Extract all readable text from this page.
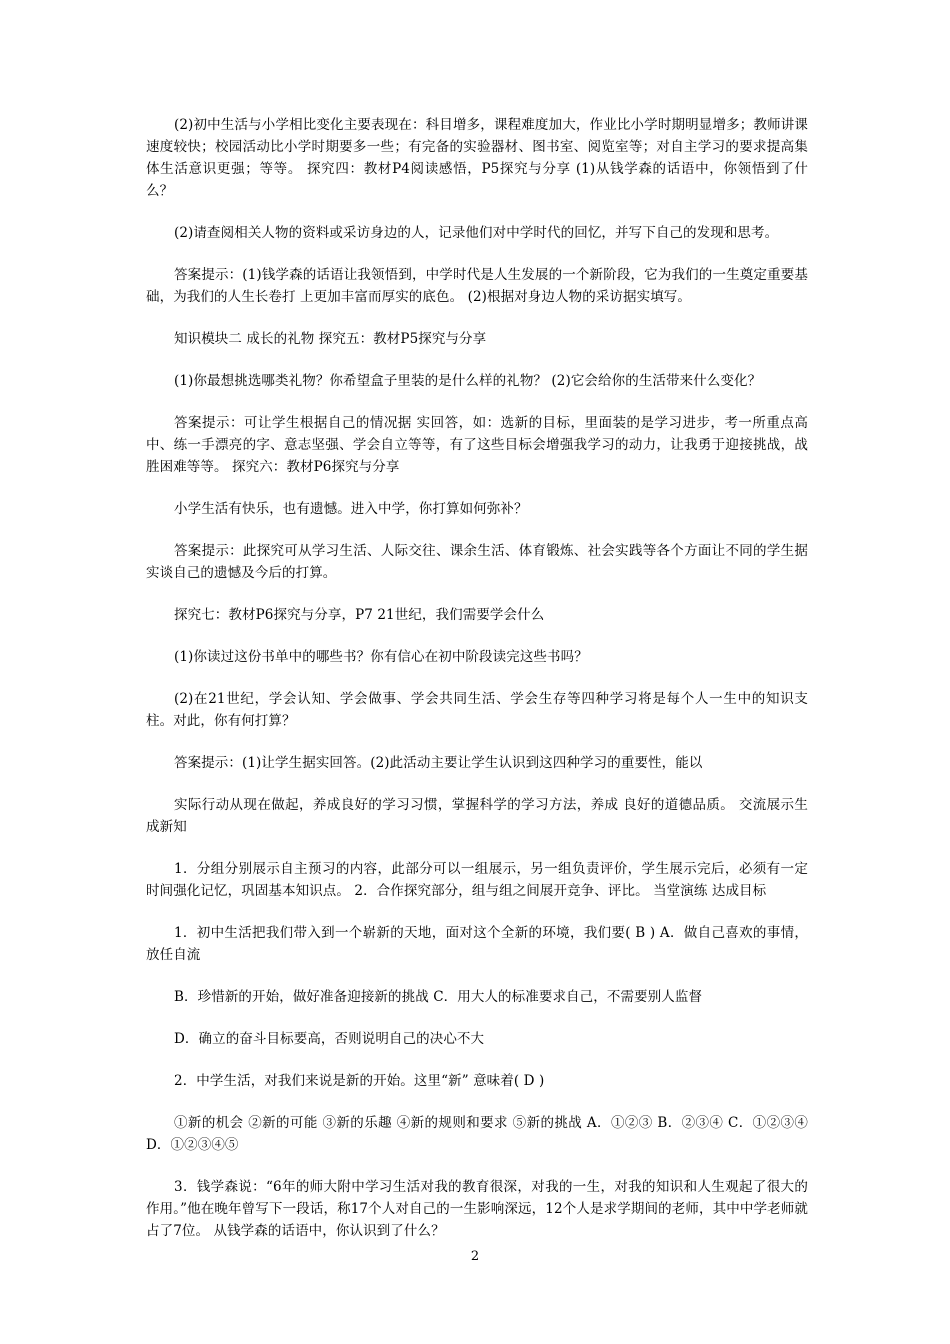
(2)初中生活与小学相比变化主要表现在：科目增多，课程难度加大，作业比小学时期明显增多；教师讲课速度较快；校园活动比小学时期要多一些；有完备的实验器材、图书室、阅览室等；对自主学习的要求提高集体生活意识更强；等等。 探究四：教材P4阅读感悟，P5探究与分享 (1)从钱学森的话语中，你领悟到了什么？

(2)请查阅相关人物的资料或采访身边的人，记录他们对中学时代的回忆，并写下自己的发现和思考。

答案提示：(1)钱学森的话语让我领悟到，中学时代是人生发展的一个新阶段，它为我们的一生奠定重要基础，为我们的人生长卷打 上更加丰富而厚实的底色。 (2)根据对身边人物的采访据实填写。

知识模块二 成长的礼物 探究五：教材P5探究与分享

(1)你最想挑选哪类礼物？你希望盒子里装的是什么样的礼物？ (2)它会给你的生活带来什么变化？

答案提示：可让学生根据自己的情况据 实回答，如：选新的目标，里面装的是学习进步，考一所重点高中、练一手漂亮的字、意志坚强、学会自立等等，有了这些目标会增强我学习的动力，让我勇于迎接挑战，战胜困难等等。 探究六：教材P6探究与分享

小学生活有快乐，也有遗憾。进入中学，你打算如何弥补？

答案提示：此探究可从学习生活、人际交往、课余生活、体育锻炼、社会实践等各个方面让不同的学生据实谈自己的遗憾及今后的打算。

探究七：教材P6探究与分享，P7 21世纪，我们需要学会什么

(1)你读过这份书单中的哪些书？你有信心在初中阶段读完这些书吗？

(2)在21世纪，学会认知、学会做事、学会共同生活、学会生存等四种学习将是每个人一生中的知识支柱。对此，你有何打算？

答案提示：(1)让学生据实回答。(2)此活动主要让学生认识到这四种学习的重要性，能以

实际行动从现在做起，养成良好的学习习惯，掌握科学的学习方法，养成 良好的道德品质。 交流展示生成新知

1．分组分别展示自主预习的内容，此部分可以一组展示，另一组负责评价，学生展示完后，必须有一定时间强化记忆，巩固基本知识点。 2．合作探究部分，组与组之间展开竞争、评比。 当堂演练 达成目标

1．初中生活把我们带入到一个崭新的天地，面对这个全新的环境，我们要( B ) A．做自己喜欢的事情，放任自流

B．珍惜新的开始，做好准备迎接新的挑战 C．用大人的标准要求自己，不需要别人监督

D．确立的奋斗目标要高，否则说明自己的决心不大

2．中学生活，对我们来说是新的开始。这里“新” 意味着( D )

①新的机会 ②新的可能 ③新的乐趣 ④新的规则和要求 ⑤新的挑战 A．①②③ B．②③④ C．①②③④ D．①②③④⑤

3．钱学森说：“6年的师大附中学习生活对我的教育很深，对我的一生，对我的知识和人生观起了很大的作用。”他在晚年曾写下一段话，称17个人对自己的一生影响深远，12个人是求学期间的老师，其中中学老师就占了7位。 从钱学森的话语中，你认识到了什么？

2
